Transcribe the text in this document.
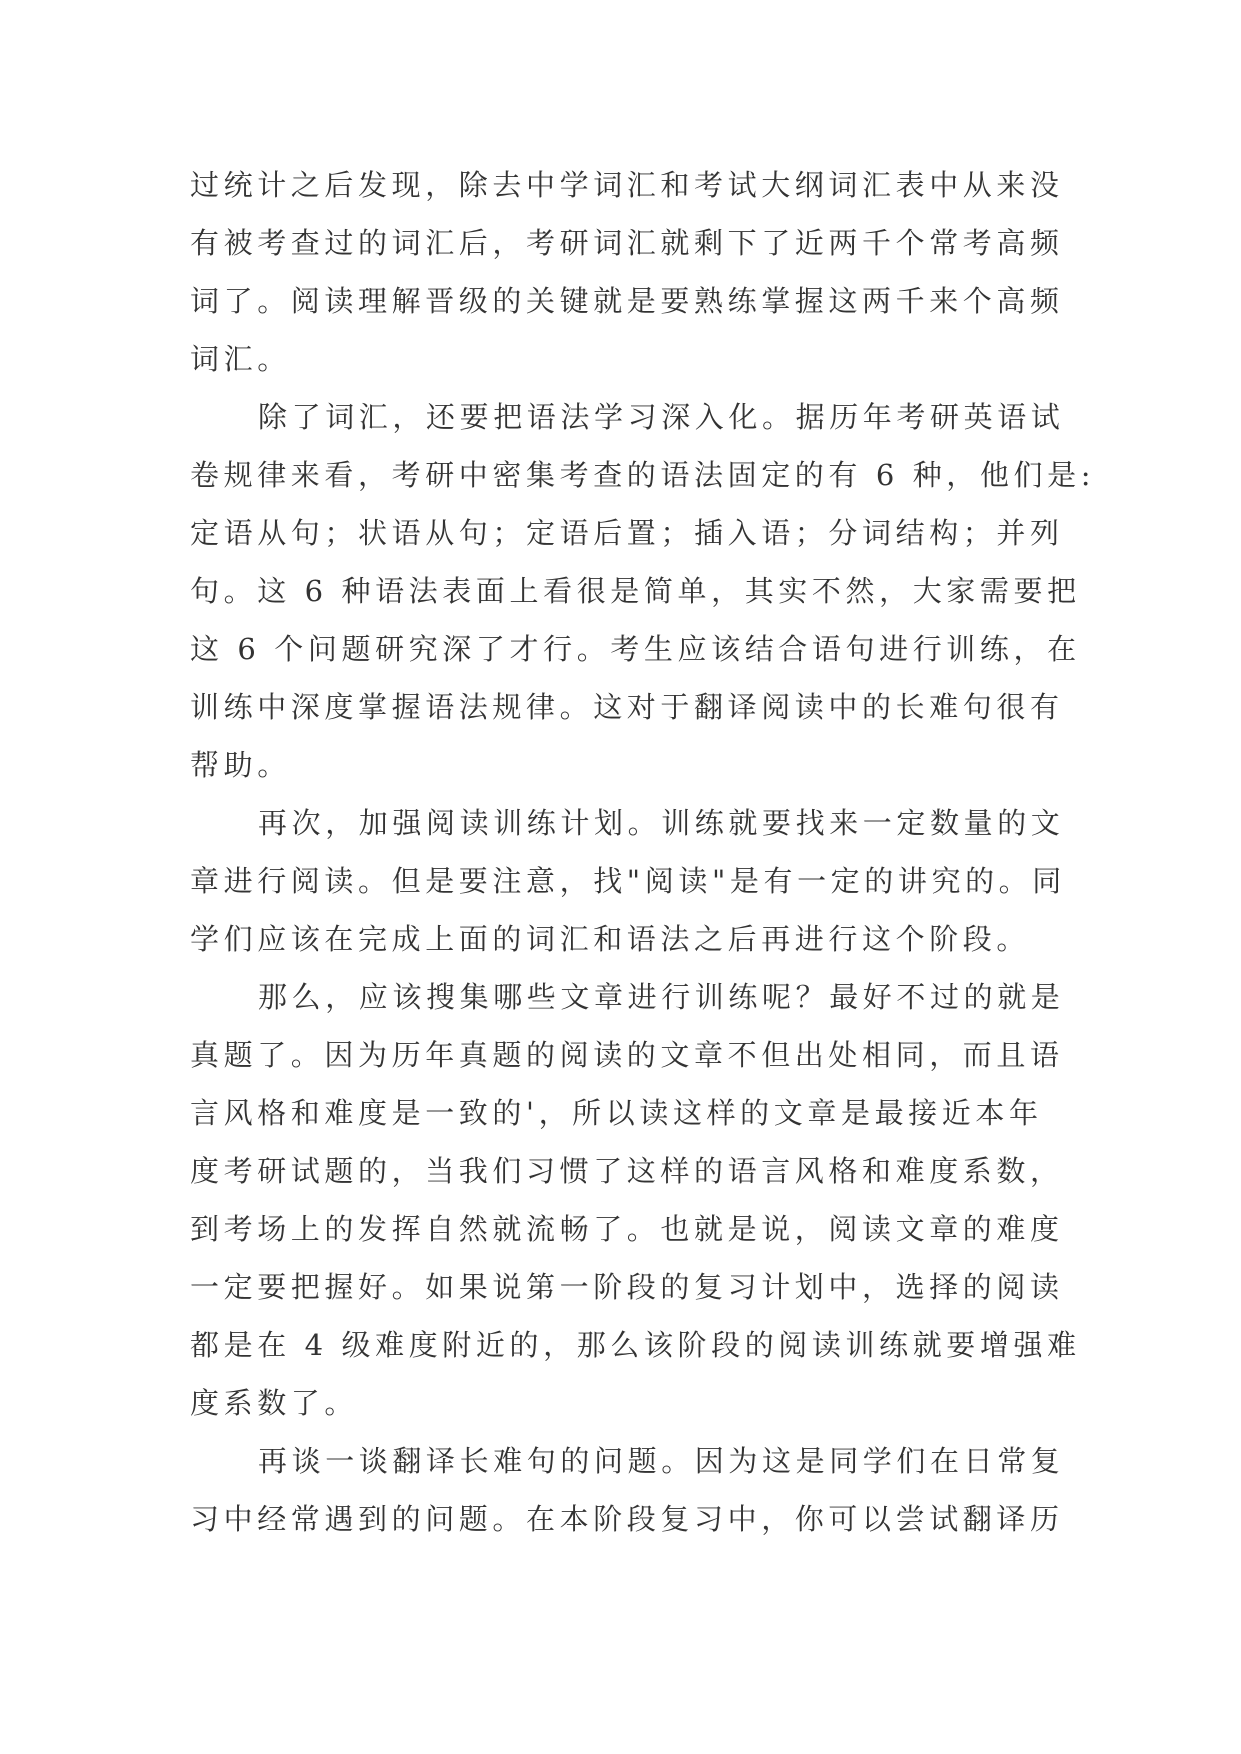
过统计之后发现，除去中学词汇和考试大纲词汇表中从来没
有被考查过的词汇后，考研词汇就剩下了近两千个常考高频
词了。阅读理解晋级的关键就是要熟练掌握这两千来个高频
词汇。
除了词汇，还要把语法学习深入化。据历年考研英语试
卷规律来看，考研中密集考查的语法固定的有 6 种，他们是:
定语从句；状语从句；定语后置；插入语；分词结构；并列
句。这 6 种语法表面上看很是简单，其实不然，大家需要把
这 6 个问题研究深了才行。考生应该结合语句进行训练，在
训练中深度掌握语法规律。这对于翻译阅读中的长难句很有
帮助。
再次，加强阅读训练计划。训练就要找来一定数量的文
章进行阅读。但是要注意，找"阅读"是有一定的讲究的。同
学们应该在完成上面的词汇和语法之后再进行这个阶段。
那么，应该搜集哪些文章进行训练呢？最好不过的就是
真题了。因为历年真题的阅读的文章不但出处相同，而且语
言风格和难度是一致的'，所以读这样的文章是最接近本年
度考研试题的，当我们习惯了这样的语言风格和难度系数，
到考场上的发挥自然就流畅了。也就是说，阅读文章的难度
一定要把握好。如果说第一阶段的复习计划中，选择的阅读
都是在 4 级难度附近的，那么该阶段的阅读训练就要增强难
度系数了。
再谈一谈翻译长难句的问题。因为这是同学们在日常复
习中经常遇到的问题。在本阶段复习中，你可以尝试翻译历
